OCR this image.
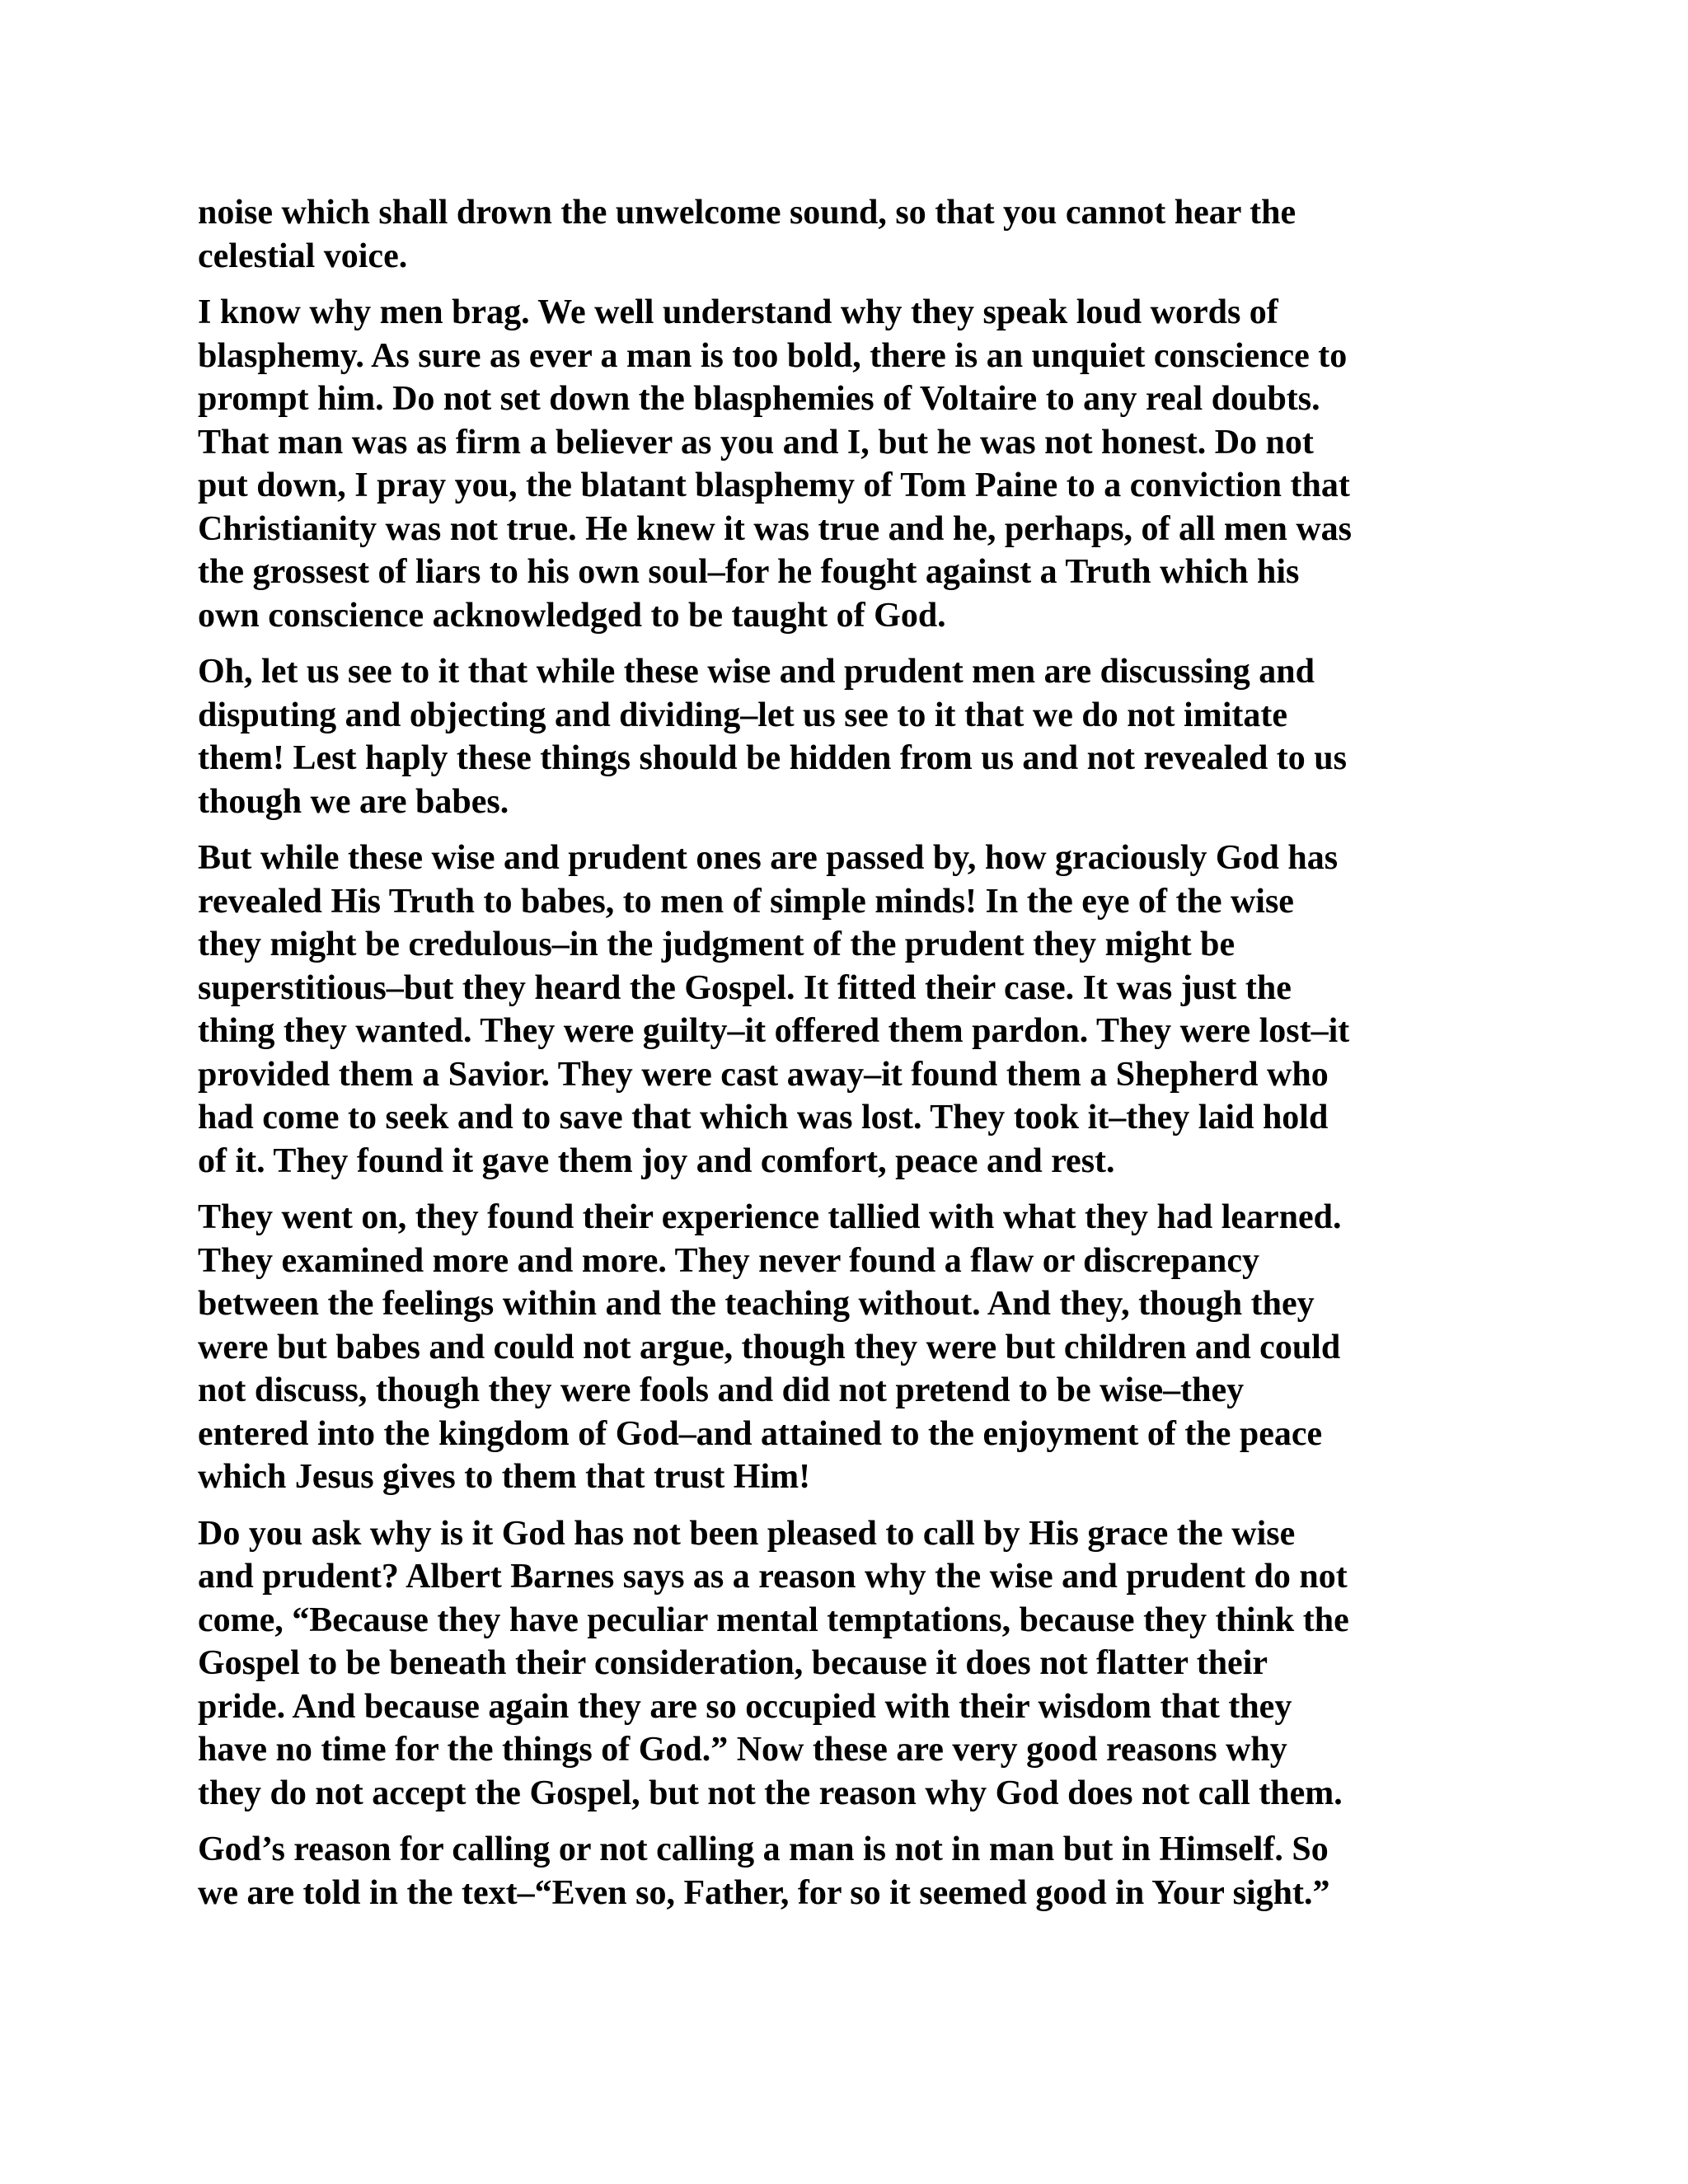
noise which shall drown the unwelcome sound, so that you cannot hear the
celestial voice.

I know why men brag. We well understand why they speak loud words of
blasphemy. As sure as ever a man is too bold, there is an unquiet conscience to
prompt him. Do not set down the blasphemies of Voltaire to any real doubts.
That man was as firm a believer as you and I, but he was not honest. Do not
put down, I pray you, the blatant blasphemy of Tom Paine to a conviction that
Christianity was not true. He knew it was true and he, perhaps, of all men was
the grossest of liars to his own soul–for he fought against a Truth which his
own conscience acknowledged to be taught of God.

Oh, let us see to it that while these wise and prudent men are discussing and
disputing and objecting and dividing–let us see to it that we do not imitate
them! Lest haply these things should be hidden from us and not revealed to us
though we are babes.

But while these wise and prudent ones are passed by, how graciously God has
revealed His Truth to babes, to men of simple minds! In the eye of the wise
they might be credulous–in the judgment of the prudent they might be
superstitious–but they heard the Gospel. It fitted their case. It was just the
thing they wanted. They were guilty–it offered them pardon. They were lost–it
provided them a Savior. They were cast away–it found them a Shepherd who
had come to seek and to save that which was lost. They took it–they laid hold
of it. They found it gave them joy and comfort, peace and rest.

They went on, they found their experience tallied with what they had learned.
They examined more and more. They never found a flaw or discrepancy
between the feelings within and the teaching without. And they, though they
were but babes and could not argue, though they were but children and could
not discuss, though they were fools and did not pretend to be wise–they
entered into the kingdom of God–and attained to the enjoyment of the peace
which Jesus gives to them that trust Him!

Do you ask why is it God has not been pleased to call by His grace the wise
and prudent? Albert Barnes says as a reason why the wise and prudent do not
come, “Because they have peculiar mental temptations, because they think the
Gospel to be beneath their consideration, because it does not flatter their
pride. And because again they are so occupied with their wisdom that they
have no time for the things of God.” Now these are very good reasons why
they do not accept the Gospel, but not the reason why God does not call them.

God’s reason for calling or not calling a man is not in man but in Himself. So
we are told in the text–“Even so, Father, for so it seemed good in Your sight.”
